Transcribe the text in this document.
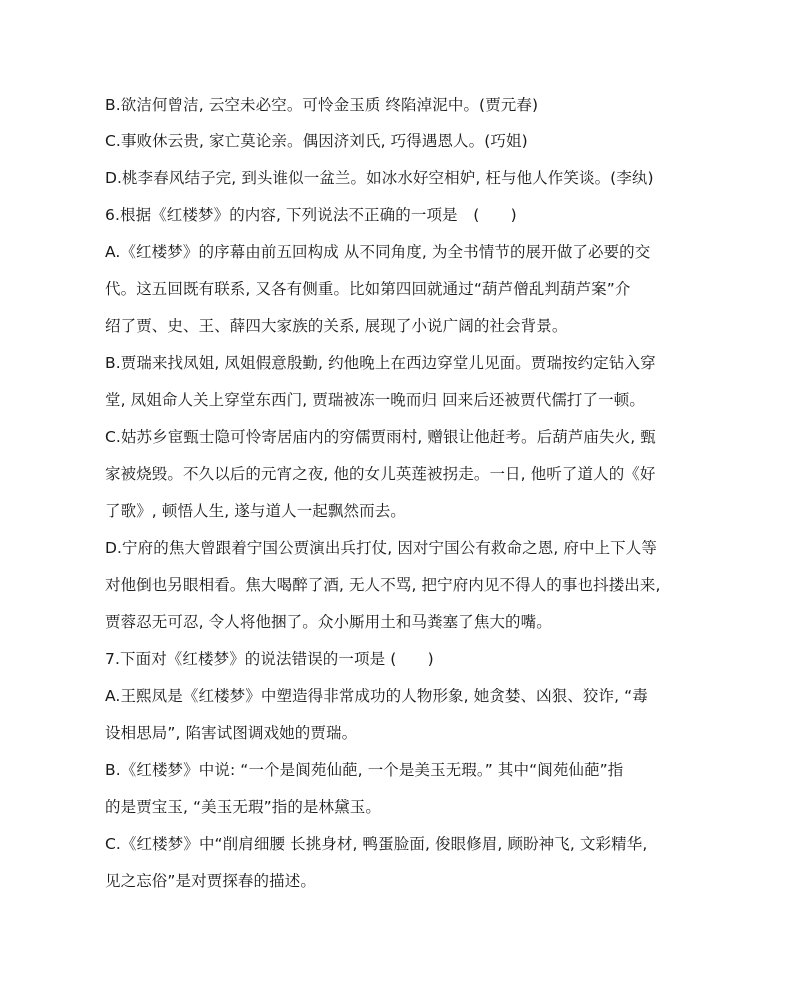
B.欲洁何曾洁, 云空未必空。可怜金玉质 终陷淖泥中。(贾元春)
C.事败休云贵, 家亡莫论亲。偶因济刘氏, 巧得遇恩人。(巧姐)
D.桃李春风结子完, 到头谁似一盆兰。如冰水好空相妒, 枉与他人作笑谈。(李纨)
6.根据《红楼梦》的内容, 下列说法不正确的一项是　(　　)
A.《红楼梦》的序幕由前五回构成 从不同角度, 为全书情节的展开做了必要的交
代。这五回既有联系, 又各有侧重。比如第四回就通过“葫芦僧乱判葫芦案”介
绍了贾、史、王、薛四大家族的关系, 展现了小说广阔的社会背景。
B.贾瑞来找凤姐, 凤姐假意殷勤, 约他晚上在西边穿堂儿见面。贾瑞按约定钻入穿
堂, 凤姐命人关上穿堂东西门, 贾瑞被冻一晚而归 回来后还被贾代儒打了一顿。
C.姑苏乡宦甄士隐可怜寄居庙内的穷儒贾雨村, 赠银让他赶考。后葫芦庙失火, 甄
家被烧毁。不久以后的元宵之夜, 他的女儿英莲被拐走。一日, 他听了道人的《好
了歌》, 顿悟人生, 遂与道人一起飘然而去。
D.宁府的焦大曾跟着宁国公贾演出兵打仗, 因对宁国公有救命之恩, 府中上下人等
对他倒也另眼相看。焦大喝醉了酒, 无人不骂, 把宁府内见不得人的事也抖搂出来,
贾蓉忍无可忍, 令人将他捆了。众小厮用土和马粪塞了焦大的嘴。
7.下面对《红楼梦》的说法错误的一项是 (　　)
A.王熙凤是《红楼梦》中塑造得非常成功的人物形象, 她贪婪、凶狠、狡诈, “毒
设相思局”, 陷害试图调戏她的贾瑞。
B.《红楼梦》中说: “一个是阆苑仙葩, 一个是美玉无瑕。” 其中“阆苑仙葩”指
的是贾宝玉, “美玉无瑕”指的是林黛玉。
C.《红楼梦》中“削肩细腰 长挑身材, 鸭蛋脸面, 俊眼修眉, 顾盼神飞, 文彩精华,
见之忘俗”是对贾探春的描述。
